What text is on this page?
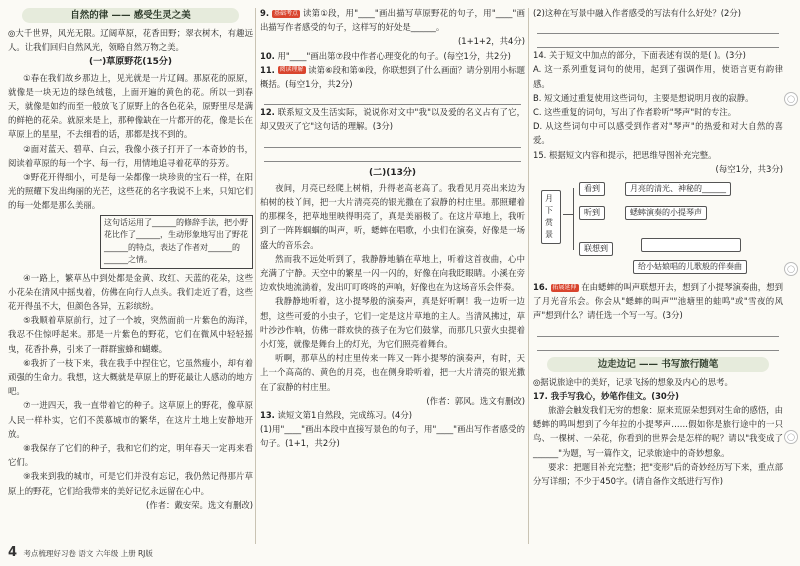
自然的律 —— 感受生灵之美

◎大千世界，风光无限。辽阔草原，花香田野；翠衣树木，有趣远人。让我们回归自然风光，领略自然万物之美。

(一)草原野花(15分)

①春在我们故乡那边上，见光就是一片辽阔。那原花的原原，就像是一块无边的绿色绒毯，上面开遍的黄色的花。所以一到春天，就像是如约而至一般放飞了原野上的各色花朵，原野里尽是满的鲜艳的花朵。就原来是上，那种像缺在一片都开的花，像是长在草原上的星星，不去细看的话，那都是找不到的。

②面对蓝天、碧草、白云，我像小孩子打开了一本奇妙的书，阅读着草原的每一个字、每一行，用情地追寻着花草的芬芳。

③野花开得细小，可是每一朵都像一块珍贵的宝石一样，在阳光的照耀下发出绚丽的光芒，这些花的名字我说不上来，只知它们的每一处都是那么美丽。

这句话运用了______的修辞手法，把小野花比作了______，生动形象地写出了野花______的特点，表达了作者对______的______之情。

④一路上，繁草丛中到处都是金黄、玫红、天蓝的花朵，这些小花朵在清风中摇曳着，仿佛在向行人点头。我们走近了看，这些花开得虽不大，但颜色各异，五彩缤纷。

⑤我顺着草原前行，过了一个坡，突然面前一片紫色的海洋，我忍不住惊呼起来。那是一片紫色的野花，它们在微风中轻轻摇曳，花香扑鼻，引来了一群群蜜蜂和蝴蝶。

⑥我折了一枝下来，我在我手中捏住它，它虽然瘦小，却有着顽强的生命力。我想，这大概就是草原上的野花最让人感动的地方吧。

⑦一进四天，我一直带着它的种子。这草原上的野花，像草原人民一样朴实，它们不羡慕城市的繁华，在这片土地上安静地开放。

⑧我保存了它们的种子，我和它们约定，明年春天一定再来看它们。

⑨我来到我的城市，可是它们并没有忘记，我仍然记得那片草原上的野花，它们给我带来的美好记忆永远留在心中。

(作者：戴安荣。选文有删改)

9. 基础考点 读第①段，用"____"画出描写草原野花的句子，用"____"画出描写作者感受的句子，这样写的好处是______。

(1+1+2，共4分)

10. 用"____"画出第⑦段中作者心理变化的句子。(每空1分，共2分)

11. 阅读理解 读第⑥段和第⑧段，你联想到了什么画面？请分别用小标题概括。(每空1分，共2分)

12. 联系短文及生活实际，说说你对文中"我"以及爱的名义占有了它，却又毁灭了它"这句话的理解。(3分)

(二)(13分)

夜间，月亮已经爬上树梢，升得老高老高了。我看见月亮出来边为柏树的枝丫间，把一大片清亮亮的银光撒在了寂静的村庄里。那照耀着的那棵冬，把草地里映得明亮了，真是美丽极了。在这片草地上，我听到了一阵阵蝈蝈的叫声，听，蟋蟀在唱歌，小虫们在演奏，好像是一场盛大的音乐会。

然而我不远处听到了，我静静地躺在草地上，听着这首夜曲，心中充满了宁静。天空中的繁星一闪一闪的，好像在向我眨眼睛。小溪在旁边欢快地流淌着，发出叮叮咚咚的声响，好像也在为这场音乐会伴奏。

我静静地听着，这小提琴般的演奏声，真是好听啊！我一边听一边想，这些可爱的小虫子，它们一定是这片草地的主人。当清风拂过，草叶沙沙作响，仿佛一群欢快的孩子在为它们鼓掌，而那几只萤火虫提着小灯笼，就像是舞台上的灯光，为它们照亮着舞台。

听啊，那草丛的村庄里传来一阵又一阵小提琴的演奏声，有时，天上一个高高的、黄色的月亮，也在侧身聆听着，把一大片清亮的银光撒在了寂静的村庄里。

(作者：郭风。选文有删改)

13. 读短文第1自然段，完成练习。(4分)

(1)用"____"画出本段中直接写景色的句子，用"____"画出写作者感受的句子。(1+1，共2分)

(2)这种在写景中融入作者感受的写法有什么好处？(2分)

14. 关于短文中加点的部分，下面表述有误的是( )。(3分)

A. 这一系列重复词句的使用，起到了强调作用，使语言更有韵律感。

B. 短文通过重复使用这些词句，主要是想说明月夜的寂静。

C. 这些重复的词句，写出了作者聆听"琴声"时的专注。

D. 从这些词句中可以感受到作者对"琴声"的热爱和对大自然的喜爱。

15. 根据短文内容和提示，把思维导图补充完整。

(每空1分，共3分)
月下赏景
看到	月亮的清光、神秘的______
听到	蟋蟀演奏的小提琴声
联想到
给小姑娘唱的儿歌般的伴奏曲

16. 拓展延伸 在由蟋蟀的叫声联想开去，想到了小提琴演奏曲，想到了月光音乐会。你会从"蟋蟀的叫声""池塘里的蛙鸣"或"雪夜的风声"想到什么？请任选一个写一写。(3分)

边走边记 —— 书写旅行随笔

◎据说旅途中的美好，记录飞扬的想象及内心的思考。

17. 我手写我心，妙笔作佳文。(30分)

旅游会触发我们无穷的想象：原来荒原朵想到对生命的感悟，由蟋蟀的鸣叫想到了今年拉的小提琴声……假如你是旅行途中的一只鸟、一棵树、一朵花，你看到的世界会是怎样的呢？请以"我变成了______"为题，写一篇作文，记录旅途中的奇妙想象。

要求：把题目补充完整；把"变形"后的奇妙经历写下来，重点部分写详细；不少于450字。(请自备作文纸进行写作)

◯
◯
◯
4 考点梳理好习卷 语文 六年级 上册 RJ版
